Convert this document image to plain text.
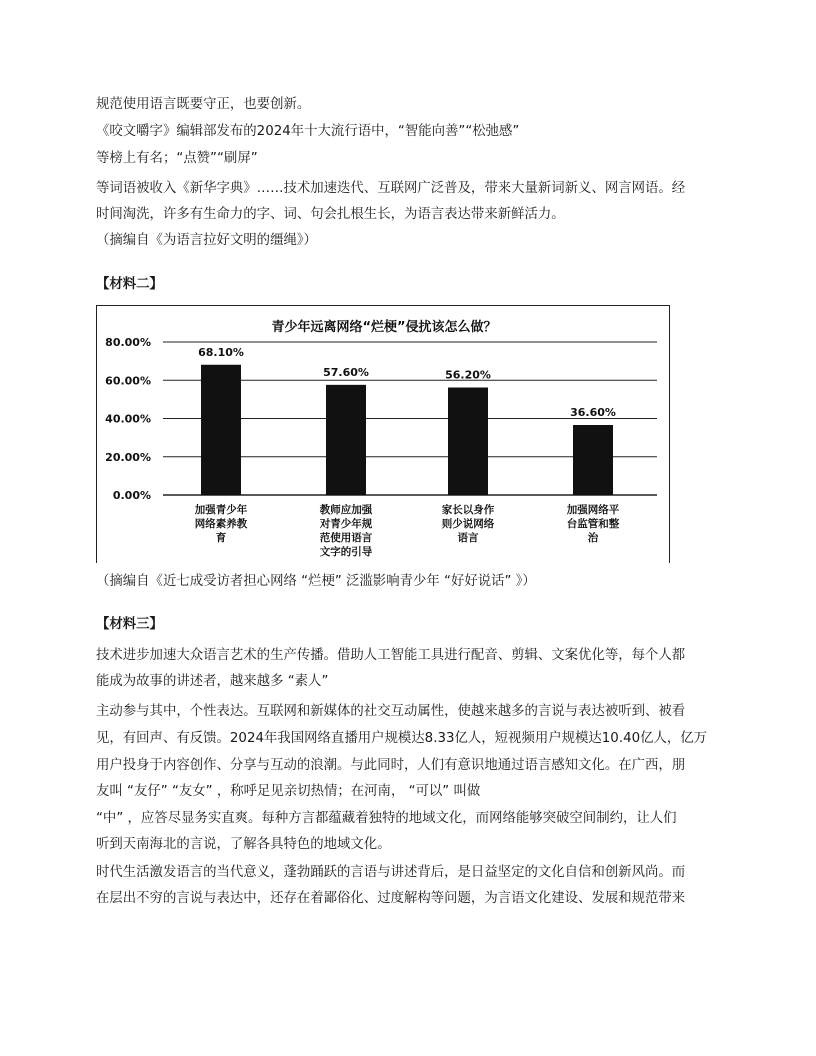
规范使用语言既要守正，也要创新。
《咬文嚼字》编辑部发布的2024年十大流行语中，“智能向善”“松弛感”
等榜上有名；“点赞”“刷屏”
等词语被收入《新华字典》……技术加速迭代、互联网广泛普及，带来大量新词新义、网言网语。经
时间淘洗，许多有生命力的字、词、句会扎根生长，为语言表达带来新鲜活力。
（摘编自《为语言拉好文明的缰绳》）
【材料二】
青少年远离网络“烂梗”侵扰该怎么做？
0.00%
20.00%
40.00%
60.00%
80.00%
68.10%
加强青少年
网络素养教
育
57.60%
教师应加强
对青少年规
范使用语言
文字的引导
56.20%
家长以身作
则少说网络
语言
36.60%
加强网络平
台监管和整
治
（摘编自《近七成受访者担心网络 “烂梗” 泛滥影响青少年 “好好说话” 》）
【材料三】
技术进步加速大众语言艺术的生产传播。借助人工智能工具进行配音、剪辑、文案优化等，每个人都
能成为故事的讲述者，越来越多 “素人”
主动参与其中，个性表达。互联网和新媒体的社交互动属性，使越来越多的言说与表达被听到、被看
见，有回声、有反馈。2024年我国网络直播用户规模达8.33亿人，短视频用户规模达10.40亿人，亿万
用户投身于内容创作、分享与互动的浪潮。与此同时，人们有意识地通过语言感知文化。在广西，朋
友叫 “友仔” “友女” ，称呼足见亲切热情；在河南， “可以” 叫做
“中” ，应答尽显务实直爽。每种方言都蕴藏着独特的地域文化，而网络能够突破空间制约，让人们
听到天南海北的言说，了解各具特色的地域文化。
时代生活激发语言的当代意义，蓬勃踊跃的言语与讲述背后，是日益坚定的文化自信和创新风尚。而
在层出不穷的言说与表达中，还存在着鄙俗化、过度解构等问题，为言语文化建设、发展和规范带来
